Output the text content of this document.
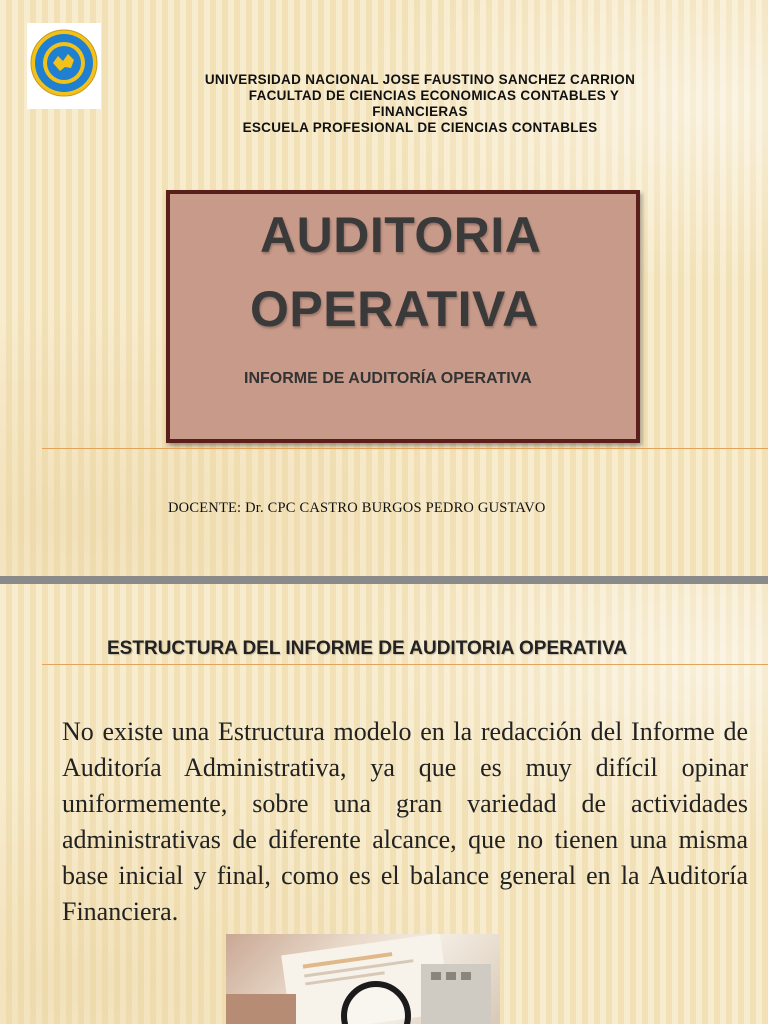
UNIVERSIDAD NACIONAL JOSE FAUSTINO SANCHEZ CARRION
FACULTAD DE CIENCIAS ECONOMICAS CONTABLES Y
FINANCIERAS
ESCUELA PROFESIONAL DE CIENCIAS CONTABLES
AUDITORIA
OPERATIVA
INFORME DE AUDITORÍA OPERATIVA
DOCENTE: Dr. CPC CASTRO BURGOS PEDRO GUSTAVO
ESTRUCTURA DEL INFORME DE AUDITORIA OPERATIVA
No existe una Estructura modelo en la redacción del Informe de Auditoría Administrativa, ya que es muy difícil opinar uniformemente, sobre una gran variedad de actividades administrativas de diferente alcance, que no tienen una misma base inicial y final, como es el balance general en la Auditoría Financiera.
